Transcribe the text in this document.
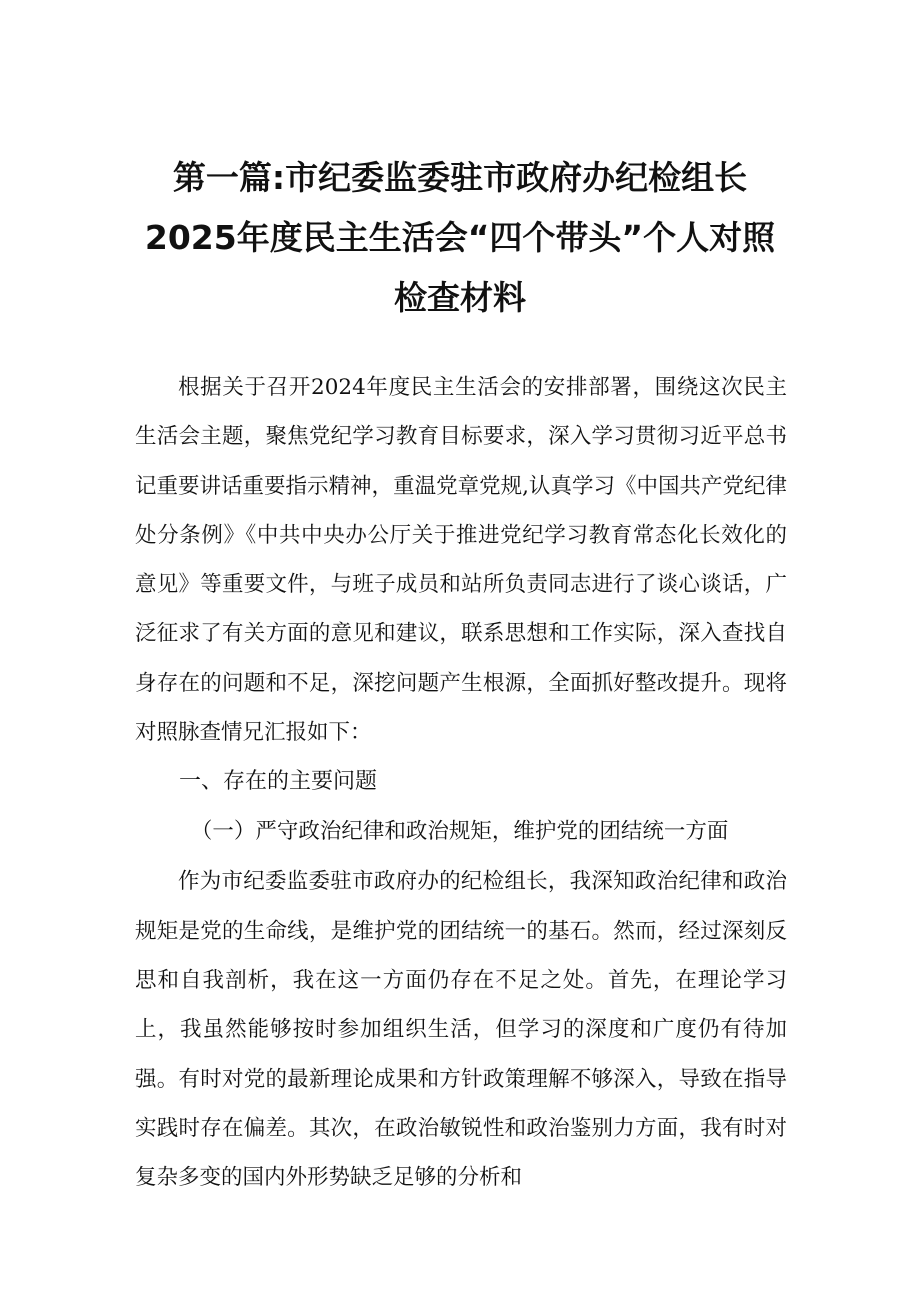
第一篇:市纪委监委驻市政府办纪检组长
2025年度民主生活会“四个带头”个人对照
检查材料

根据关于召开2024年度民主生活会的安排部署，围绕这次民主生活会主题，聚焦党纪学习教育目标要求，深入学习贯彻习近平总书记重要讲话重要指示精神，重温党章党规,认真学习《中国共产党纪律处分条例》《中共中央办公厅关于推进党纪学习教育常态化长效化的意见》等重要文件，与班子成员和站所负责同志进行了谈心谈话，广泛征求了有关方面的意见和建议，联系思想和工作实际，深入查找自身存在的问题和不足，深挖问题产生根源，全面抓好整改提升。现将对照脉查情兄汇报如下：

一、存在的主要问题

（一）严守政治纪律和政治规矩，维护党的团结统一方面

作为市纪委监委驻市政府办的纪检组长，我深知政治纪律和政治规矩是党的生命线，是维护党的团结统一的基石。然而，经过深刻反思和自我剖析，我在这一方面仍存在不足之处。首先，在理论学习上，我虽然能够按时参加组织生活，但学习的深度和广度仍有待加强。有时对党的最新理论成果和方针政策理解不够深入，导致在指导实践时存在偏差。其次，在政治敏锐性和政治鉴别力方面，我有时对复杂多变的国内外形势缺乏足够的分析和
